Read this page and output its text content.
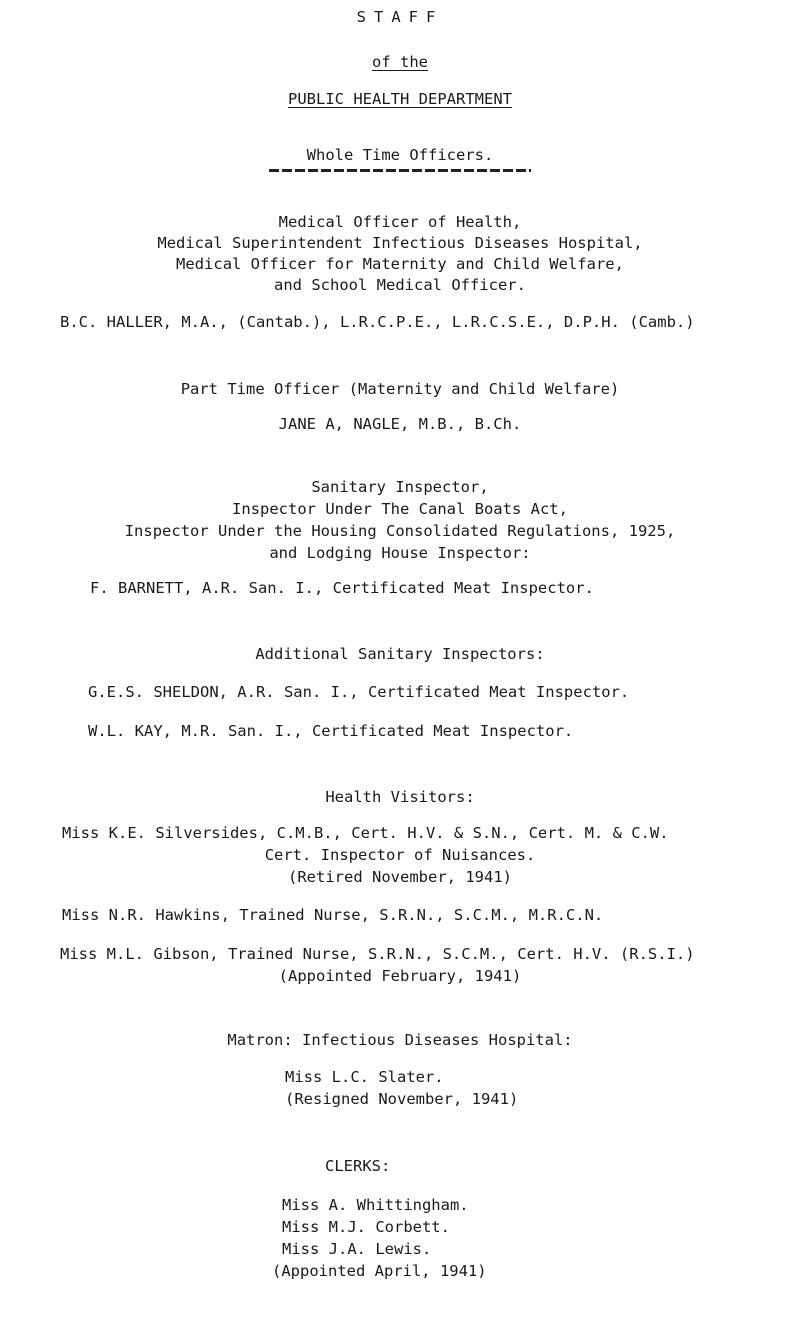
STAFF
of the
PUBLIC HEALTH DEPARTMENT
Whole Time Officers.
Medical Officer of Health,
Medical Superintendent Infectious Diseases Hospital,
Medical Officer for Maternity and Child Welfare,
and School Medical Officer.
B.C. HALLER, M.A., (Cantab.), L.R.C.P.E., L.R.C.S.E., D.P.H. (Camb.)
Part Time Officer (Maternity and Child Welfare)
JANE A, NAGLE, M.B., B.Ch.
Sanitary Inspector,
Inspector Under The Canal Boats Act,
Inspector Under the Housing Consolidated Regulations, 1925,
and Lodging House Inspector:
F. BARNETT, A.R. San. I., Certificated Meat Inspector.
Additional Sanitary Inspectors:
G.E.S. SHELDON, A.R. San. I., Certificated Meat Inspector.
W.L. KAY, M.R. San. I., Certificated Meat Inspector.
Health Visitors:
Miss K.E. Silversides, C.M.B., Cert. H.V. & S.N., Cert. M. & C.W.
Cert. Inspector of Nuisances.
(Retired November, 1941)
Miss N.R. Hawkins, Trained Nurse, S.R.N., S.C.M., M.R.C.N.
Miss M.L. Gibson, Trained Nurse, S.R.N., S.C.M., Cert. H.V. (R.S.I.)
(Appointed February, 1941)
Matron: Infectious Diseases Hospital:
Miss L.C. Slater.
(Resigned November, 1941)
CLERKS:
Miss A. Whittingham.
Miss M.J. Corbett.
Miss J.A. Lewis.
(Appointed April, 1941)
